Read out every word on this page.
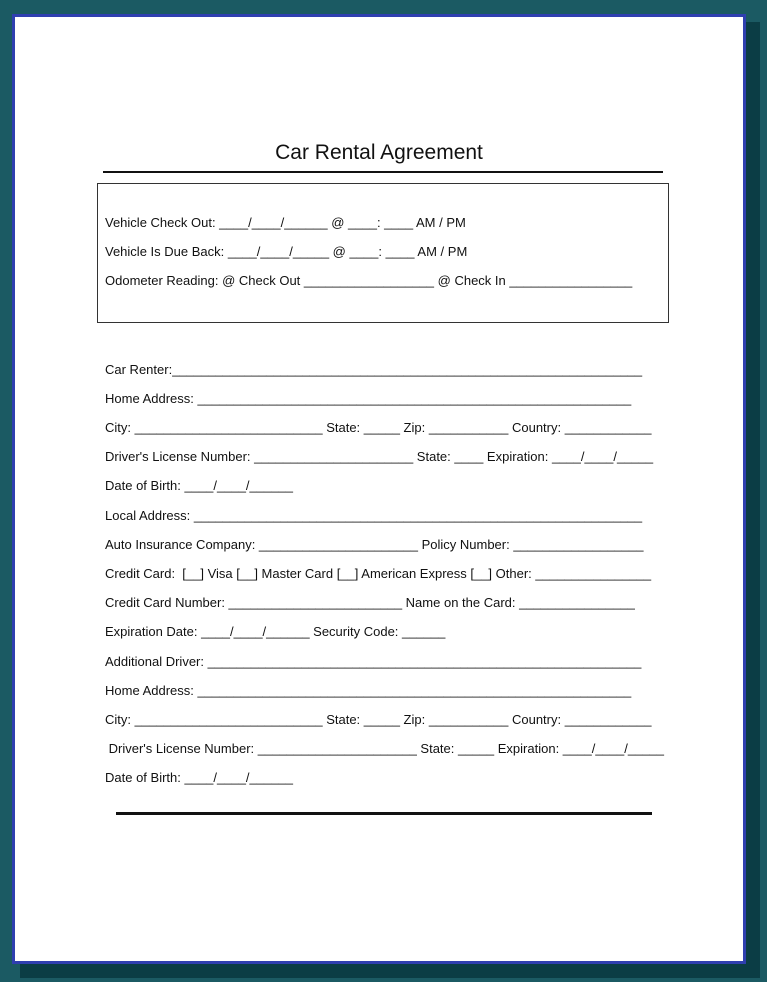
Car Rental Agreement
Vehicle Check Out: ____/____/______ @ ____: ____ AM / PM
Vehicle Is Due Back: ____/____/_____ @ ____: ____ AM / PM
Odometer Reading: @ Check Out __________________ @ Check In _________________
Car Renter:_________________________________________________________________
Home Address: ____________________________________________________________
City: __________________________ State: _____ Zip: ___________ Country: ____________
Driver's License Number: ______________________ State: ____ Expiration: ____/____/_____
Date of Birth: ____/____/______
Local Address: ______________________________________________________________
Auto Insurance Company: ______________________ Policy Number: __________________
Credit Card:  [__] Visa [__] Master Card [__] American Express [__] Other: ________________
Credit Card Number: ________________________ Name on the Card: ________________
Expiration Date: ____/____/______ Security Code: ______
Additional Driver: ____________________________________________________________
Home Address: ____________________________________________________________
City: __________________________ State: _____ Zip: ___________ Country: ____________
Driver's License Number: ______________________ State: _____ Expiration: ____/____/_____
Date of Birth: ____/____/______
